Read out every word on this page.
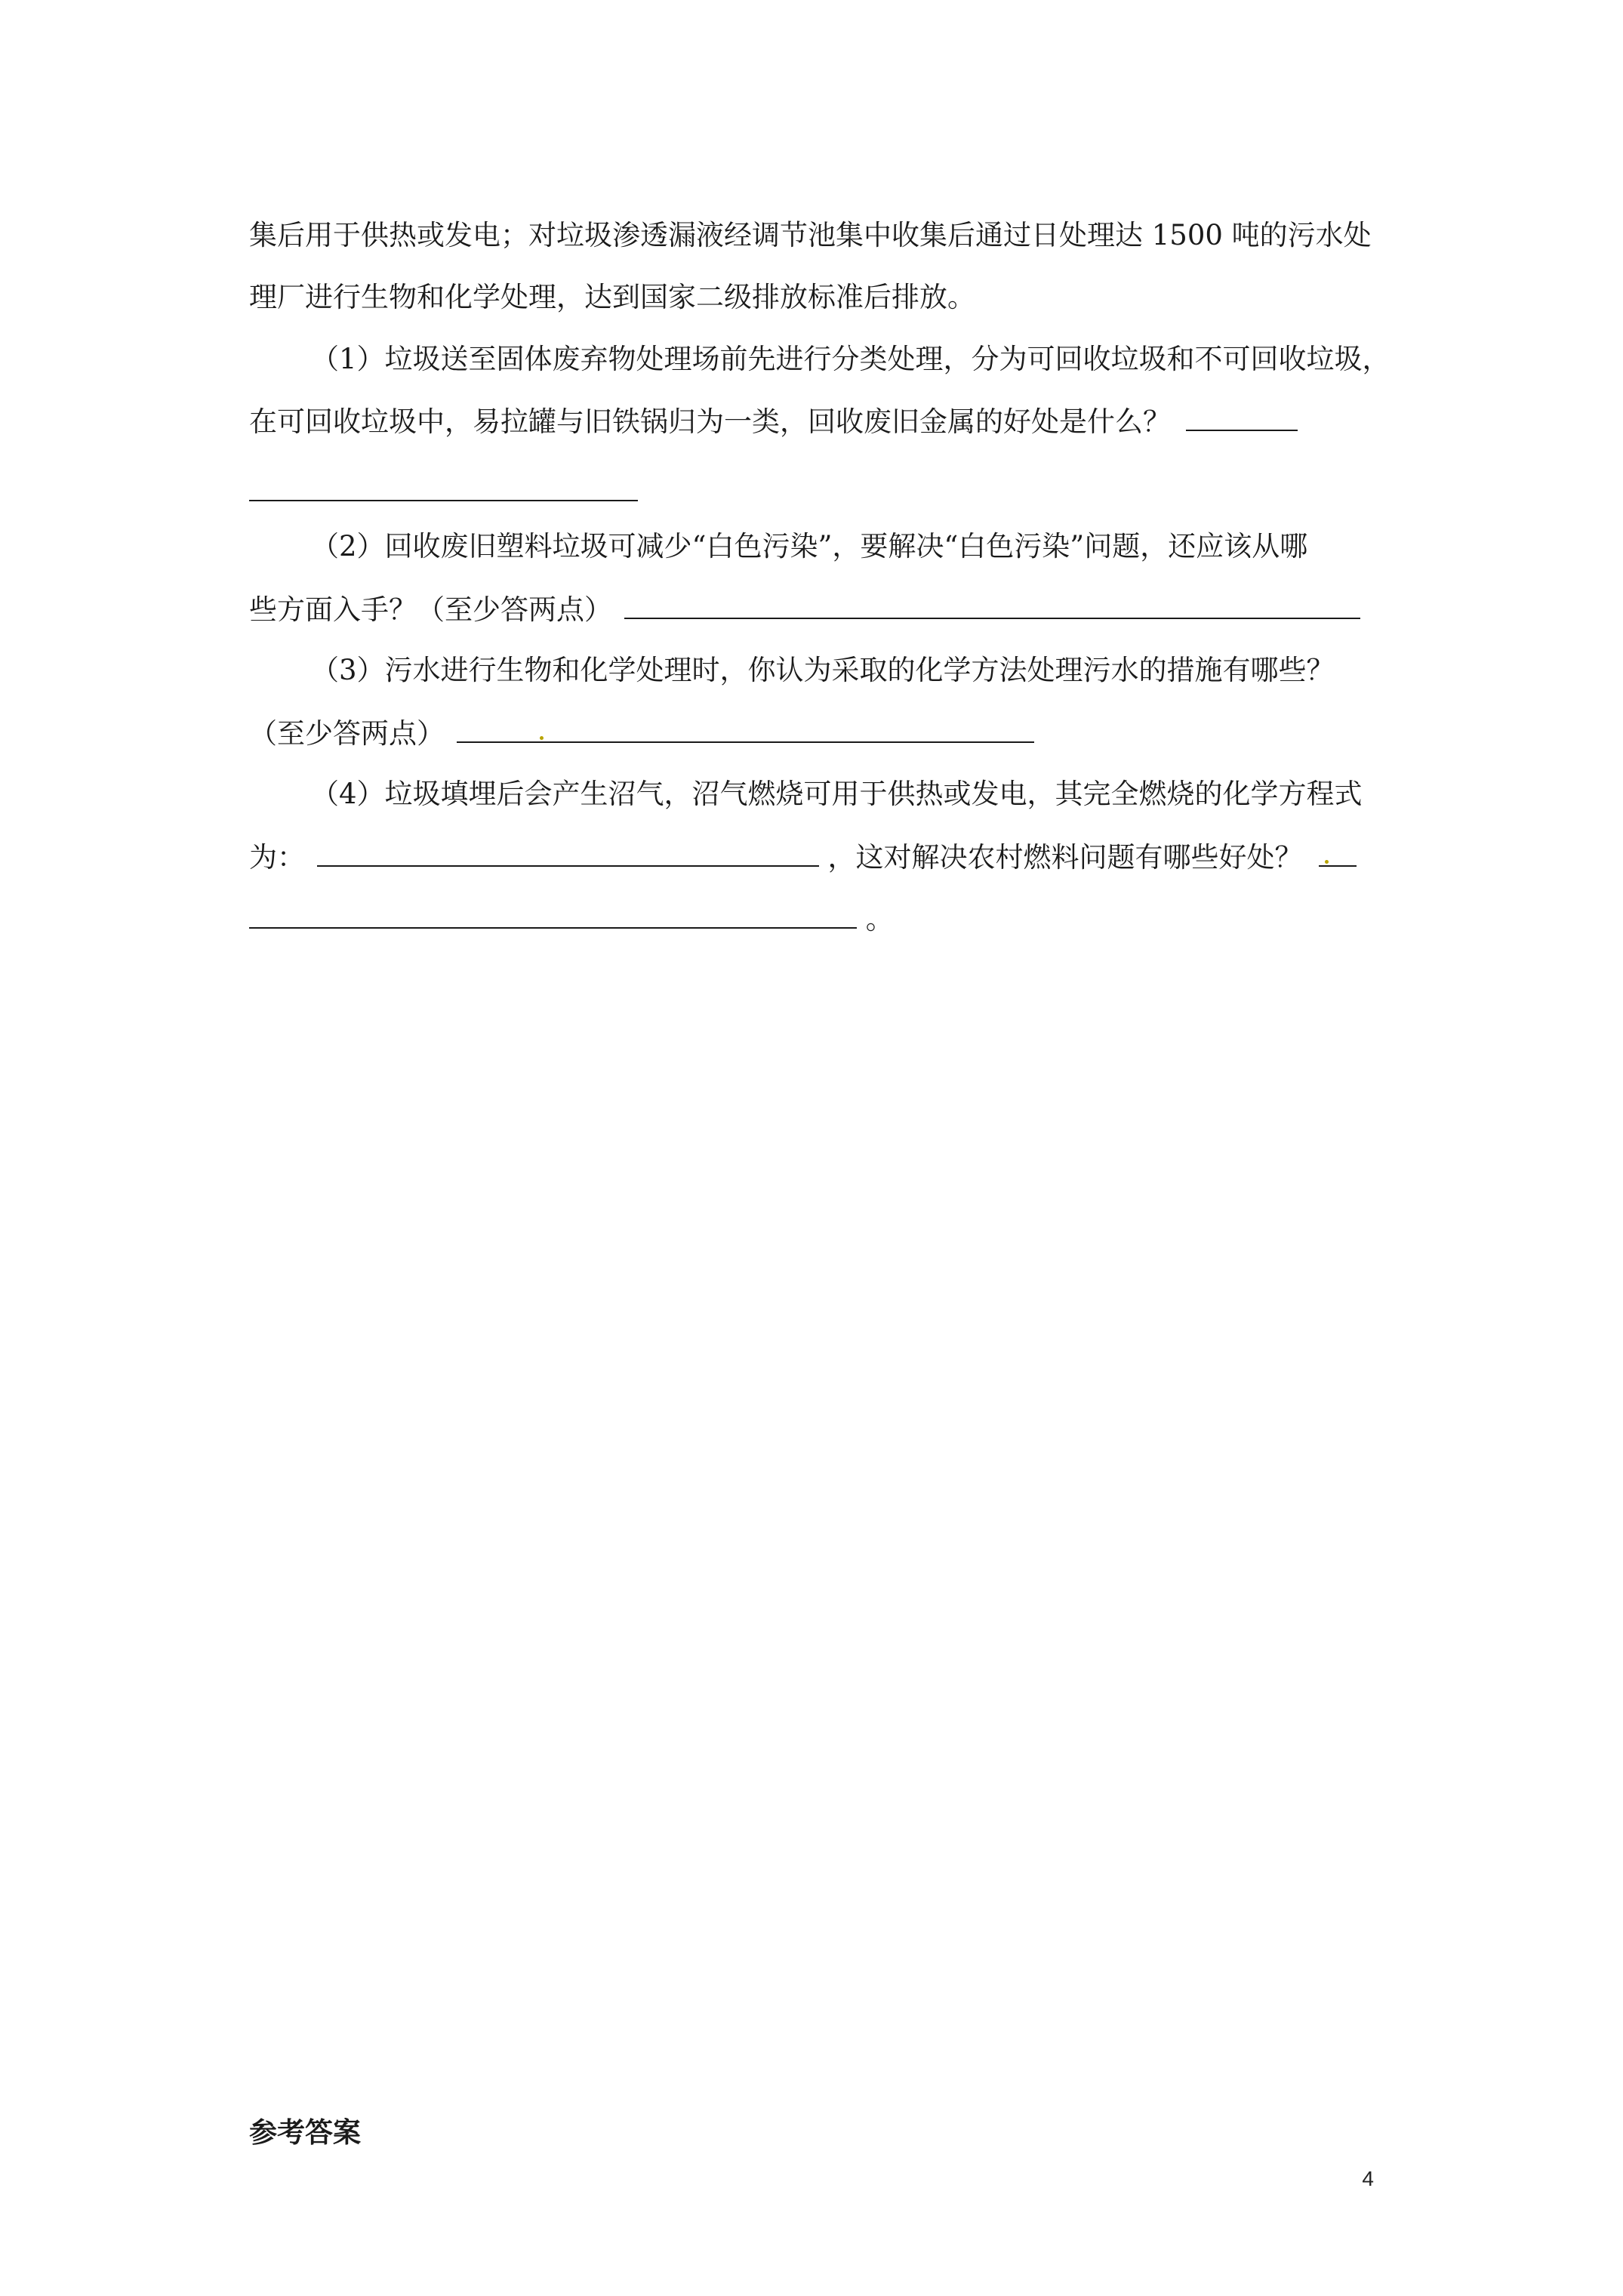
集后用于供热或发电；对垃圾渗透漏液经调节池集中收集后通过日处理达 1500 吨的污水处
理厂进行生物和化学处理，达到国家二级排放标准后排放。
（1）垃圾送至固体废弃物处理场前先进行分类处理，分为可回收垃圾和不可回收垃圾，
在可回收垃圾中，易拉罐与旧铁锅归为一类，回收废旧金属的好处是什么？
（2）回收废旧塑料垃圾可减少“白色污染”，要解决“白色污染”问题，还应该从哪
些方面入手？（至少答两点）
（3）污水进行生物和化学处理时，你认为采取的化学方法处理污水的措施有哪些？
（至少答两点）
（4）垃圾填埋后会产生沼气，沼气燃烧可用于供热或发电，其完全燃烧的化学方程式
为：	，这对解决农村燃料问题有哪些好处？
。
参考答案
4
